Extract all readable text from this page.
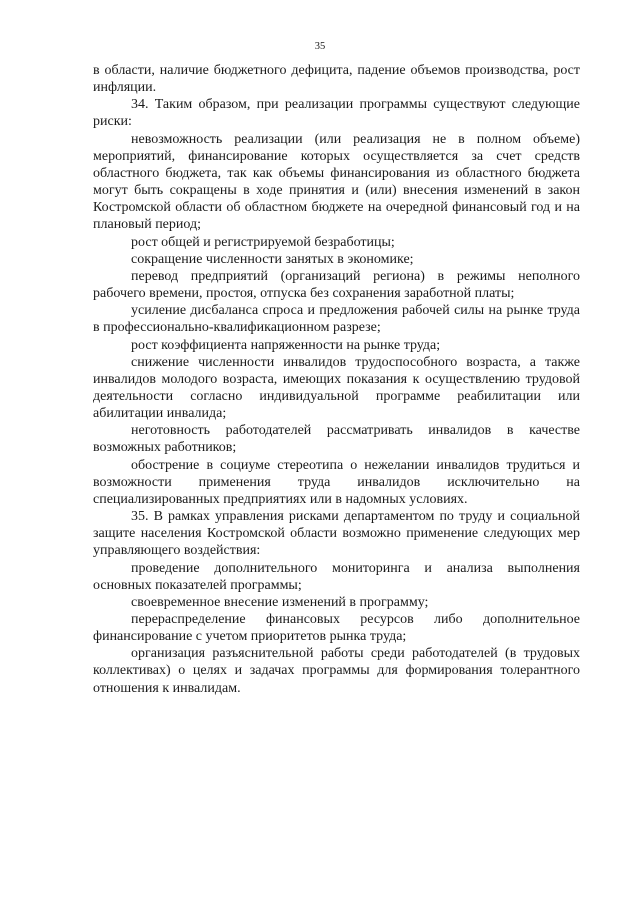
35

в области, наличие бюджетного дефицита, падение объемов производства, рост инфляции.

34. Таким образом, при реализации программы существуют следующие риски:

невозможность реализации (или реализация не в полном объеме) мероприятий, финансирование которых осуществляется за счет средств областного бюджета, так как объемы финансирования из областного бюджета могут быть сокращены в ходе принятия и (или) внесения изменений в закон Костромской области об областном бюджете на очередной финансовый год и на плановый период;

рост общей и регистрируемой безработицы;

сокращение численности занятых в экономике;

перевод предприятий (организаций региона) в режимы неполного рабочего времени, простоя, отпуска без сохранения заработной платы;

усиление дисбаланса спроса и предложения рабочей силы на рынке труда в профессионально-квалификационном разрезе;

рост коэффициента напряженности на рынке труда;

снижение численности инвалидов трудоспособного возраста, а также инвалидов молодого возраста, имеющих показания к осуществлению трудовой деятельности согласно индивидуальной программе реабилитации или абилитации инвалида;

неготовность работодателей рассматривать инвалидов в качестве возможных работников;

обострение в социуме стереотипа о нежелании инвалидов трудиться и возможности применения труда инвалидов исключительно на специализированных предприятиях или в надомных условиях.

35. В рамках управления рисками департаментом по труду и социальной защите населения Костромской области возможно применение следующих мер управляющего воздействия:

проведение дополнительного мониторинга и анализа выполнения основных показателей программы;

своевременное внесение изменений в программу;

перераспределение финансовых ресурсов либо дополнительное финансирование с учетом приоритетов рынка труда;

организация разъяснительной работы среди работодателей (в трудовых коллективах) о целях и задачах программы для формирования толерантного отношения к инвалидам.
